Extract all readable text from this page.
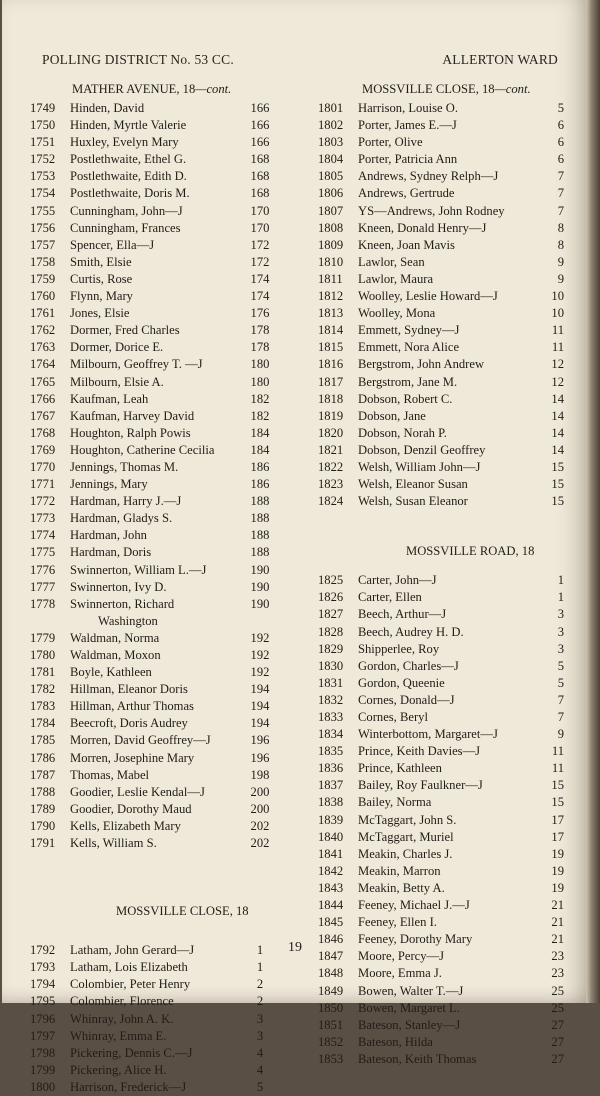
POLLING DISTRICT No. 53 CC.	ALLERTON WARD
MATHER AVENUE, 18—cont.
1749	Hinden, David	166
1750	Hinden, Myrtle Valerie	166
1751	Huxley, Evelyn Mary	166
1752	Postlethwaite, Ethel G.	168
1753	Postlethwaite, Edith D.	168
1754	Postlethwaite, Doris M.	168
1755	Cunningham, John—J	170
1756	Cunningham, Frances	170
1757	Spencer, Ella—J	172
1758	Smith, Elsie	172
1759	Curtis, Rose	174
1760	Flynn, Mary	174
1761	Jones, Elsie	176
1762	Dormer, Fred Charles	178
1763	Dormer, Dorice E.	178
1764	Milbourn, Geoffrey T. —J	180
1765	Milbourn, Elsie A.	180
1766	Kaufman, Leah	182
1767	Kaufman, Harvey David	182
1768	Houghton, Ralph Powis	184
1769	Houghton, Catherine Cecilia	184
1770	Jennings, Thomas M.	186
1771	Jennings, Mary	186
1772	Hardman, Harry J.—J	188
1773	Hardman, Gladys S.	188
1774	Hardman, John	188
1775	Hardman, Doris	188
1776	Swinnerton, William L.—J	190
1777	Swinnerton, Ivy D.	190
1778	Swinnerton, Richard	190
Washington
1779	Waldman, Norma	192
1780	Waldman, Moxon	192
1781	Boyle, Kathleen	192
1782	Hillman, Eleanor Doris	194
1783	Hillman, Arthur Thomas	194
1784	Beecroft, Doris Audrey	194
1785	Morren, David Geoffrey—J	196
1786	Morren, Josephine Mary	196
1787	Thomas, Mabel	198
1788	Goodier, Leslie Kendal—J	200
1789	Goodier, Dorothy Maud	200
1790	Kells, Elizabeth Mary	202
1791	Kells, William S.	202
MOSSVILLE CLOSE, 18
1792	Latham, John Gerard—J	1
1793	Latham, Lois Elizabeth	1
1794	Colombier, Peter Henry	2
1795	Colombier, Florence	2
1796	Whinray, John A. K.	3
1797	Whinray, Emma E.	3
1798	Pickering, Dennis C.—J	4
1799	Pickering, Alice H.	4
1800	Harrison, Frederick—J	5
MOSSVILLE CLOSE, 18—cont.
1801	Harrison, Louise O.	5
1802	Porter, James E.—J	6
1803	Porter, Olive	6
1804	Porter, Patricia Ann	6
1805	Andrews, Sydney Relph—J	7
1806	Andrews, Gertrude	7
1807	YS—Andrews, John Rodney	7
1808	Kneen, Donald Henry—J	8
1809	Kneen, Joan Mavis	8
1810	Lawlor, Sean	9
1811	Lawlor, Maura	9
1812	Woolley, Leslie Howard—J	10
1813	Woolley, Mona	10
1814	Emmett, Sydney—J	11
1815	Emmett, Nora Alice	11
1816	Bergstrom, John Andrew	12
1817	Bergstrom, Jane M.	12
1818	Dobson, Robert C.	14
1819	Dobson, Jane	14
1820	Dobson, Norah P.	14
1821	Dobson, Denzil Geoffrey	14
1822	Welsh, William John—J	15
1823	Welsh, Eleanor Susan	15
1824	Welsh, Susan Eleanor	15
MOSSVILLE ROAD, 18
1825	Carter, John—J	1
1826	Carter, Ellen	1
1827	Beech, Arthur—J	3
1828	Beech, Audrey H. D.	3
1829	Shipperlee, Roy	3
1830	Gordon, Charles—J	5
1831	Gordon, Queenie	5
1832	Cornes, Donald—J	7
1833	Cornes, Beryl	7
1834	Winterbottom, Margaret—J	9
1835	Prince, Keith Davies—J	11
1836	Prince, Kathleen	11
1837	Bailey, Roy Faulkner—J	15
1838	Bailey, Norma	15
1839	McTaggart, John S.	17
1840	McTaggart, Muriel	17
1841	Meakin, Charles J.	19
1842	Meakin, Marron	19
1843	Meakin, Betty A.	19
1844	Feeney, Michael J.—J	21
1845	Feeney, Ellen I.	21
1846	Feeney, Dorothy Mary	21
1847	Moore, Percy—J	23
1848	Moore, Emma J.	23
1849	Bowen, Walter T.—J	25
1850	Bowen, Margaret L.	25
1851	Bateson, Stanley—J	27
1852	Bateson, Hilda	27
1853	Bateson, Keith Thomas	27
19
